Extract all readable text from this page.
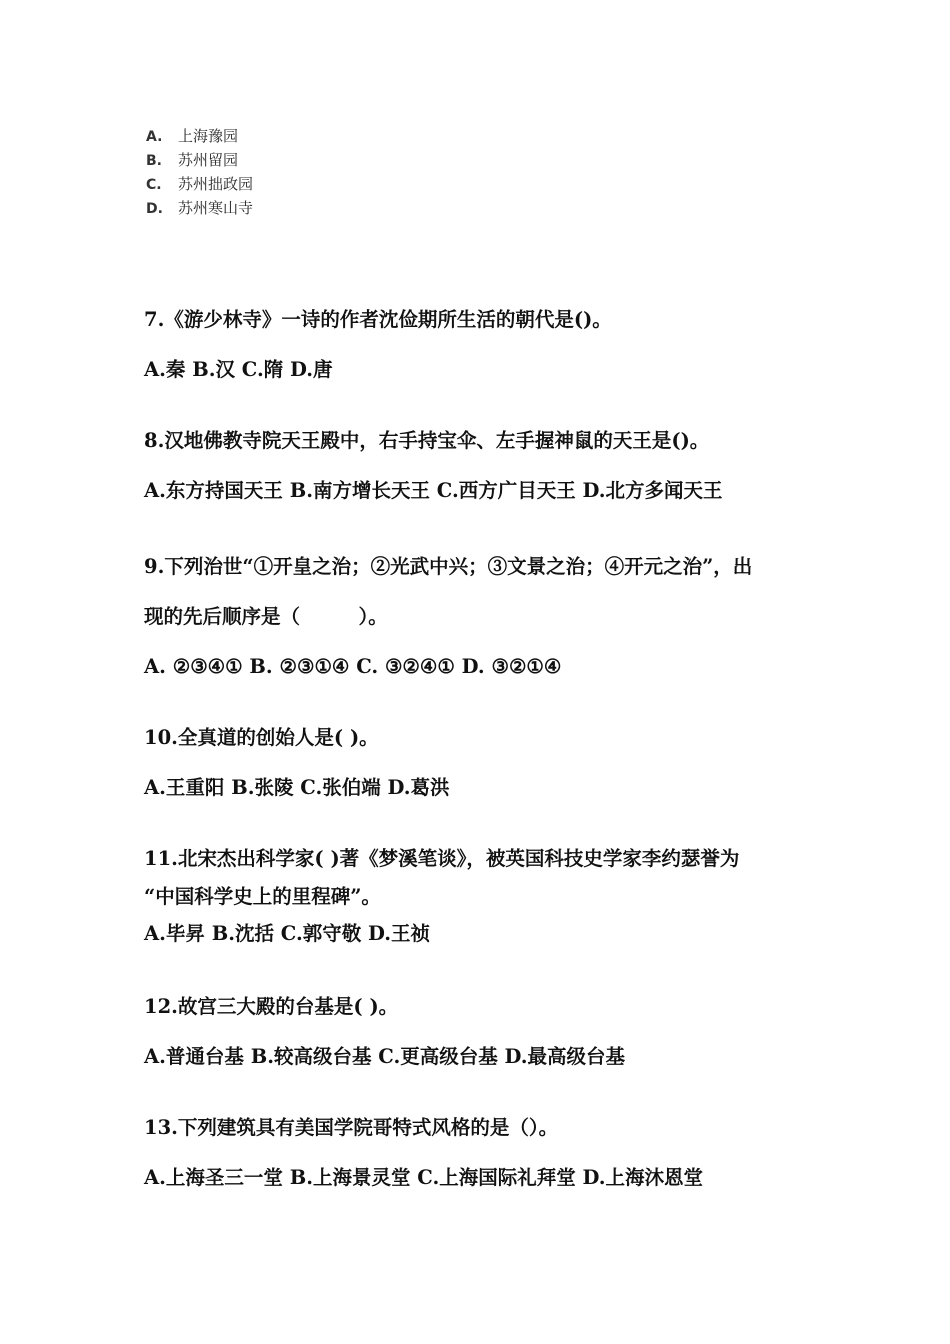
A. 上海豫园
B. 苏州留园
C. 苏州拙政园
D. 苏州寒山寺
7.《游少林寺》一诗的作者沈俭期所生活的朝代是()。
A.秦 B.汉 C.隋 D.唐
8.汉地佛教寺院天王殿中，右手持宝伞、左手握神鼠的天王是()。
A.东方持国天王 B.南方增长天王 C.西方广目天王 D.北方多闻天王
9.下列治世“①开皇之治；②光武中兴；③文景之治；④开元之治”，出
现的先后顺序是（　　　）。
A. ②③④① B. ②③①④ C. ③②④① D. ③②①④
10.全真道的创始人是( )。
A.王重阳 B.张陵 C.张伯端 D.葛洪
11.北宋杰出科学家( )著《梦溪笔谈》，被英国科技史学家李约瑟誉为
“中国科学史上的里程碑”。
A.毕昇 B.沈括 C.郭守敬 D.王祯
12.故宫三大殿的台基是( )。
A.普通台基 B.较高级台基 C.更高级台基 D.最高级台基
13.下列建筑具有美国学院哥特式风格的是（）。
A.上海圣三一堂 B.上海景灵堂 C.上海国际礼拜堂 D.上海沐恩堂
